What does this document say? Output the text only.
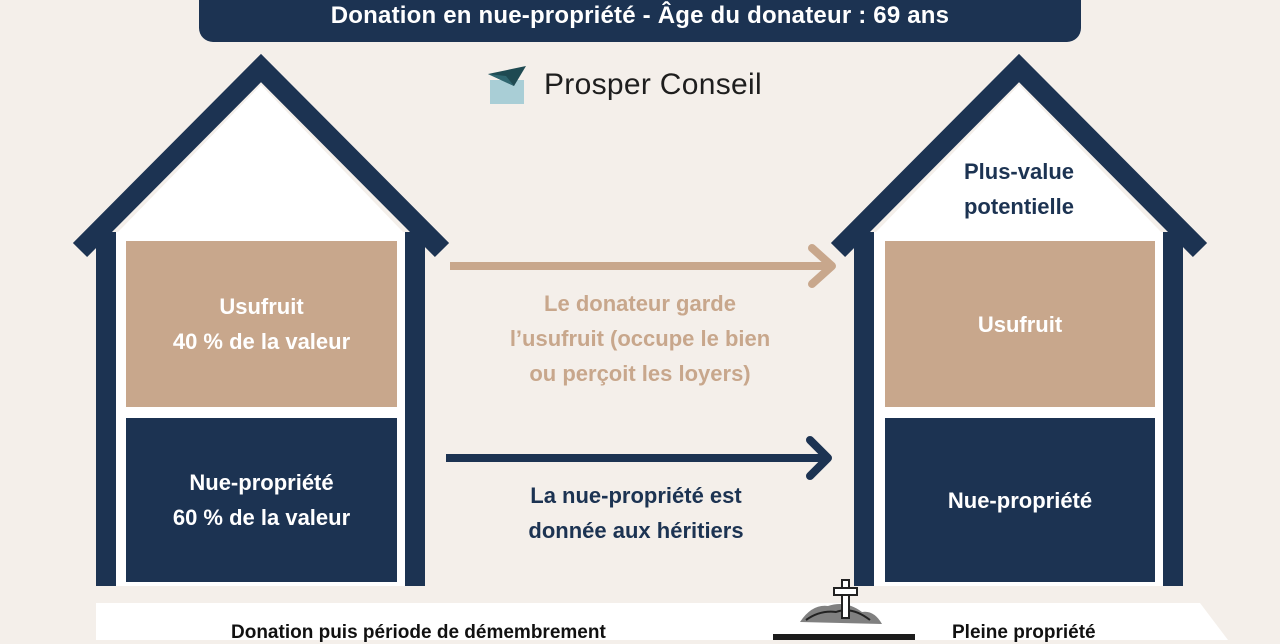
Donation en nue-propriété - Âge du donateur : 69 ans
Prosper Conseil
Usufruit
40 % de la valeur
Nue-propriété
60 % de la valeur
Plus-value
potentielle
Usufruit
Nue-propriété
Le donateur garde
l’usufruit (occupe le bien
ou perçoit les loyers)
La nue-propriété est
donnée aux héritiers
Donation puis période de démembrement	Pleine propriété
